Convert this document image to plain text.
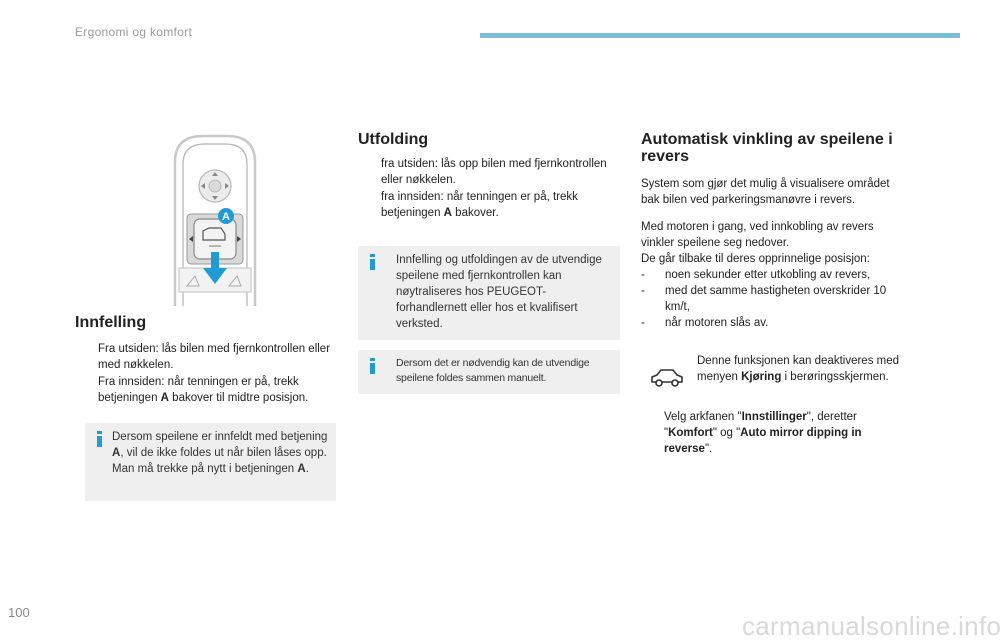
Ergonomi og komfort
A
Innfelling
Fra utsiden: lås bilen med fjernkontrollen eller med nøkkelen.
Fra innsiden: når tenningen er på, trekk betjeningen A bakover til midtre posisjon.
Dersom speilene er innfeldt med betjening A, vil de ikke foldes ut når bilen låses opp. Man må trekke på nytt i betjeningen A.
Utfolding
fra utsiden: lås opp bilen med fjernkontrollen eller nøkkelen.
fra innsiden: når tenningen er på, trekk betjeningen A bakover.
Innfelling og utfoldingen av de utvendige speilene med fjernkontrollen kan nøytraliseres hos PEUGEOT-forhandlernett eller hos et kvalifisert verksted.
Dersom det er nødvendig kan de utvendige speilene foldes sammen manuelt.
Automatisk vinkling av speilene i revers

System som gjør det mulig å visualisere området bak bilen ved parkeringsmanøvre i revers.

Med motoren i gang, ved innkobling av revers vinkler speilene seg nedover.

De går tilbake til deres opprinnelige posisjon:

- noen sekunder etter utkobling av revers,
- med det samme hastigheten overskrider 10 km/t,
- når motoren slås av.

Denne funksjonen kan deaktiveres med menyen Kjøring i berøringsskjermen.

Velg arkfanen "Innstillinger", deretter "Komfort" og "Auto mirror dipping in reverse".
100	carmanualsonline.info
